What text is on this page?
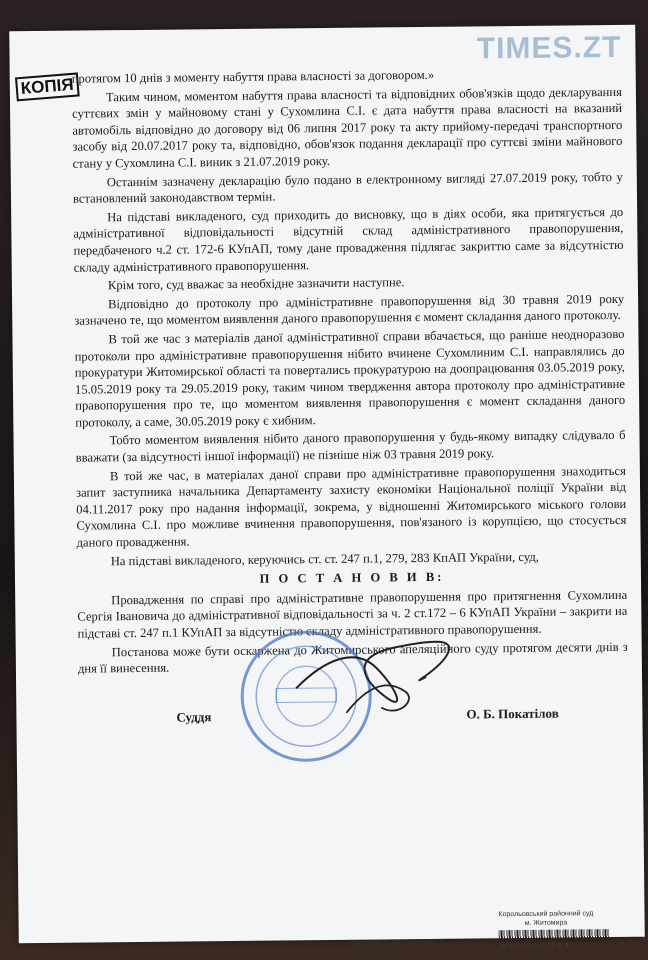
TIMES.ZT
КОПІЯ

протягом 10 днів з моменту набуття права власності за договором.»

Таким чином, моментом набуття права власності та відповідних обов'язків щодо декларування суттєвих змін у майновому стані у Сухомлина С.І. є дата набуття права власності на вказаний автомобіль відповідно до договору від 06 липня 2017 року та акту прийому-передачі транспортного засобу від 20.07.2017 року та, відповідно, обов'язок подання декларації про суттєві зміни майнового стану у Сухомлина С.І. виник з 21.07.2019 року.

Останнім зазначену декларацію було подано в електронному вигляді 27.07.2019 року, тобто у встановлений законодавством термін.

На підставі викладеного, суд приходить до висновку, що в діях особи, яка притягується до адміністративної відповідальності відсутній склад адміністративного правопорушення, передбаченого ч.2 ст. 172-6 КУпАП, тому дане провадження підлягає закриттю саме за відсутністю складу адміністративного правопорушення.

Крім того, суд вважає за необхідне зазначити наступне.

Відповідно до протоколу про адміністративне правопорушення від 30 травня 2019 року зазначено те, що моментом виявлення даного правопорушення є момент складання даного протоколу.

В той же час з матеріалів даної адміністративної справи вбачається, що раніше неодноразово протоколи про адміністративне правопорушення нібито вчинене Сухомлиним С.І. направлялись до прокуратури Житомирської області та повертались прокуратурою на доопрацювання 03.05.2019 року, 15.05.2019 року та 29.05.2019 року, таким чином твердження автора протоколу про адміністративне правопорушення про те, що моментом виявлення правопорушення є момент складання даного протоколу, а саме, 30.05.2019 року є хибним.

Тобто моментом виявлення нібито даного правопорушення у будь-якому випадку слідувало б вважати (за відсутності іншої інформації) не пізніше ніж 03 травня 2019 року.

В той же час, в матеріалах даної справи про адміністративне правопорушення знаходиться запит заступника начальника Департаменту захисту економіки Національної поліції України від 04.11.2017 року про надання інформації, зокрема, у відношенні Житомирського міського голови Сухомлина С.І. про можливе вчинення правопорушення, пов'язаного із корупцією, що стосується даного провадження.

На підставі викладеного, керуючись ст. ст. 247 п.1, 279, 283 КпАП України, суд,

П О С Т А Н О В И В:

Провадження по справі про адміністративне правопорушення про притягнення Сухомлина Сергія Івановича до адміністративної відповідальності за ч. 2 ст.172 – 6 КУпАП України – закрити на підставі ст. 247 п.1 КУпАП за відсутністю складу адміністративного правопорушення.

Постанова може бути оскаржена до Житомирського апеляційного суду протягом десяти днів з дня її винесення.

Суддя	О. Б. Покатілов
Корольовський районний суд
м. Житомира
Покатілов 08.08.2019 9:46:15	*К70*1*301/001*9*1*Я
